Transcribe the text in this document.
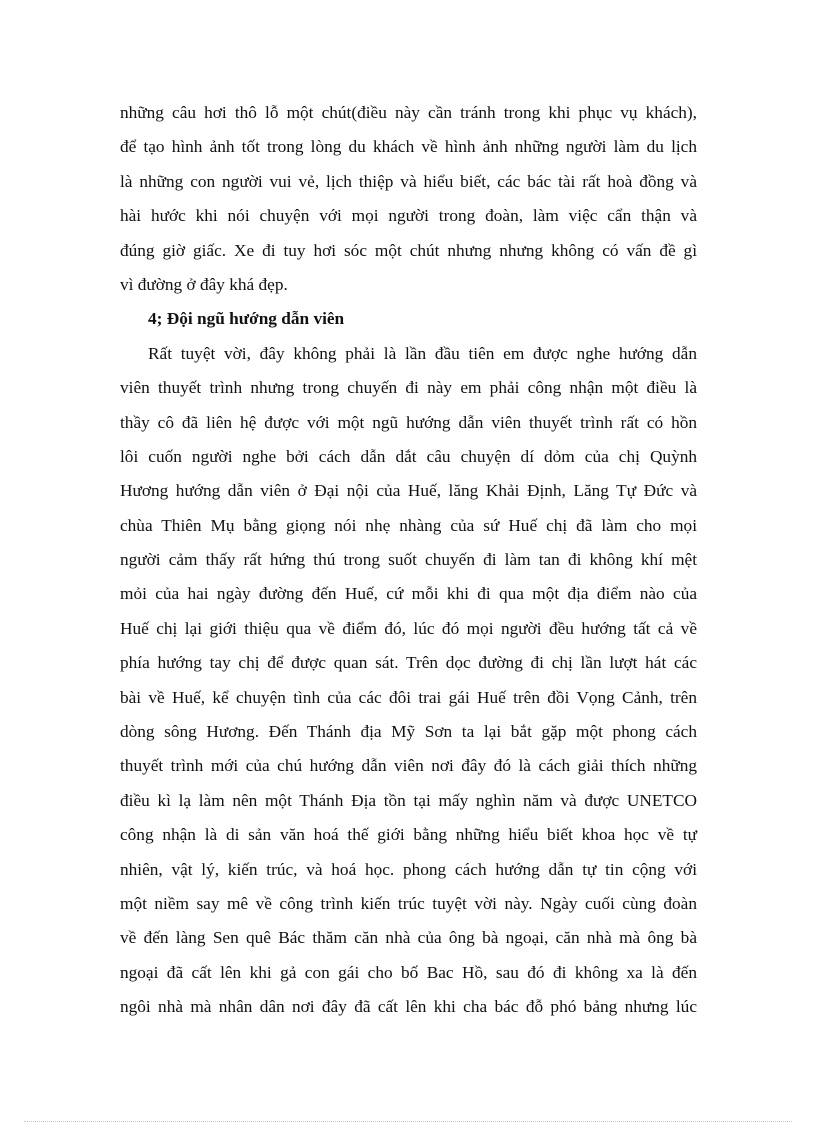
những câu hơi thô lỗ một chút(điều này cần tránh trong khi phục vụ khách),
để tạo hình ảnh tốt trong lòng du khách về hình ảnh những người làm du lịch
là những con người vui vẻ, lịch thiệp và hiểu biết, các bác tài rất hoà đồng và
hài hước khi nói chuyện với mọi người trong đoàn, làm việc cẩn thận và
đúng giờ giấc. Xe đi tuy hơi sóc một chút nhưng nhưng không có vấn đề gì
vì đường ở đây khá đẹp.
4; Đội ngũ hướng dẫn viên
Rất tuyệt vời, đây không phải là lần đầu tiên em được nghe hướng dẫn
viên thuyết trình nhưng trong chuyến đi này em phải công nhận một điều là
thầy cô đã liên hệ được với một ngũ hướng dẫn viên thuyết trình rất có hồn
lôi cuốn người nghe bởi cách dẫn dắt câu chuyện dí dỏm của chị Quỳnh
Hương hướng dẫn viên ở Đại nội của Huế, lăng Khải Định, Lăng Tự Đức và
chùa Thiên Mụ bằng giọng nói nhẹ nhàng của sứ Huế chị đã làm cho mọi
người cảm thấy rất hứng thú trong suốt chuyến đi làm tan đi không khí mệt
mỏi của hai ngày đường đến Huế, cứ mỗi khi đi qua một địa điểm nào của
Huế chị lại giới thiệu qua về điểm đó, lúc đó mọi người đều hướng tất cả về
phía hướng tay chị để được quan sát. Trên dọc đường đi chị lần lượt hát các
bài về Huế, kể chuyện tình của các đôi trai gái Huế trên đồi Vọng Cảnh, trên
dòng sông Hương. Đến Thánh địa Mỹ Sơn ta lại bắt gặp một phong cách
thuyết trình mới của chú hướng dẫn viên nơi đây đó là cách giải thích những
điều kì lạ làm nên một Thánh Địa tồn tại mấy nghìn năm và được UNETCO
công nhận là di sản văn hoá thế giới bằng những hiểu biết khoa học về tự
nhiên, vật lý, kiến trúc, và hoá học. phong cách hướng dẫn tự tin cộng với
một niềm say mê về công trình kiến trúc tuyệt vời này. Ngày cuối cùng đoàn
về đến làng Sen quê Bác thăm căn nhà của ông bà ngoại, căn nhà mà ông bà
ngoại đã cất lên khi gả con gái cho bố Bac Hồ, sau đó đi không xa là đến
ngôi nhà mà nhân dân nơi đây đã cất lên khi cha bác đỗ phó bảng nhưng lúc
